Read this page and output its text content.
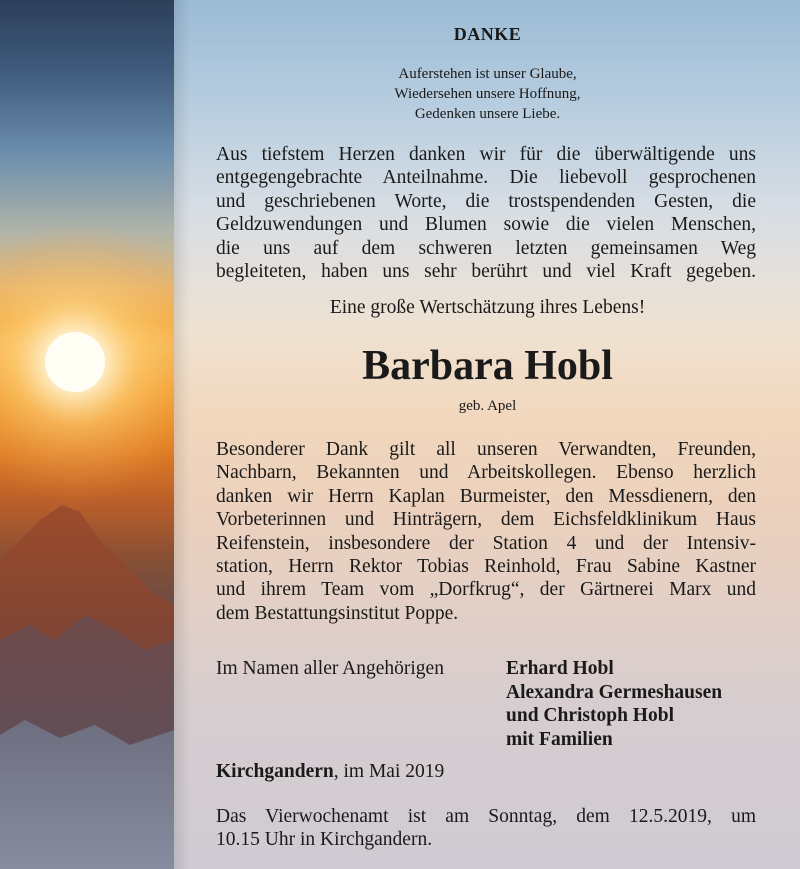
DANKE
Auferstehen ist unser Glaube,
Wiedersehen unsere Hoffnung,
Gedenken unsere Liebe.
Aus tiefstem Herzen danken wir für die überwältigende uns
entgegengebrachte Anteilnahme. Die liebevoll gesprochenen
und geschriebenen Worte, die trostspendenden Gesten, die
Geldzuwendungen und Blumen sowie die vielen Menschen,
die uns auf dem schweren letzten gemeinsamen Weg
begleiteten, haben uns sehr berührt und viel Kraft gegeben.
Eine große Wertschätzung ihres Lebens!
Barbara Hobl
geb. Apel
Besonderer Dank gilt all unseren Verwandten, Freunden,
Nachbarn, Bekannten und Arbeitskollegen. Ebenso herzlich
danken wir Herrn Kaplan Burmeister, den Messdienern, den
Vorbeterinnen und Hinträgern, dem Eichsfeldklinikum Haus
Reifenstein, insbesondere der Station 4 und der Intensiv-
station, Herrn Rektor Tobias Reinhold, Frau Sabine Kastner
und ihrem Team vom „Dorfkrug“, der Gärtnerei Marx und
dem Bestattungsinstitut Poppe.
Im Namen aller Angehörigen	Erhard Hobl
Alexandra Germeshausen
und Christoph Hobl
mit Familien
Kirchgandern, im Mai 2019
Das Vierwochenamt ist am Sonntag, dem 12.5.2019, um
10.15 Uhr in Kirchgandern.
